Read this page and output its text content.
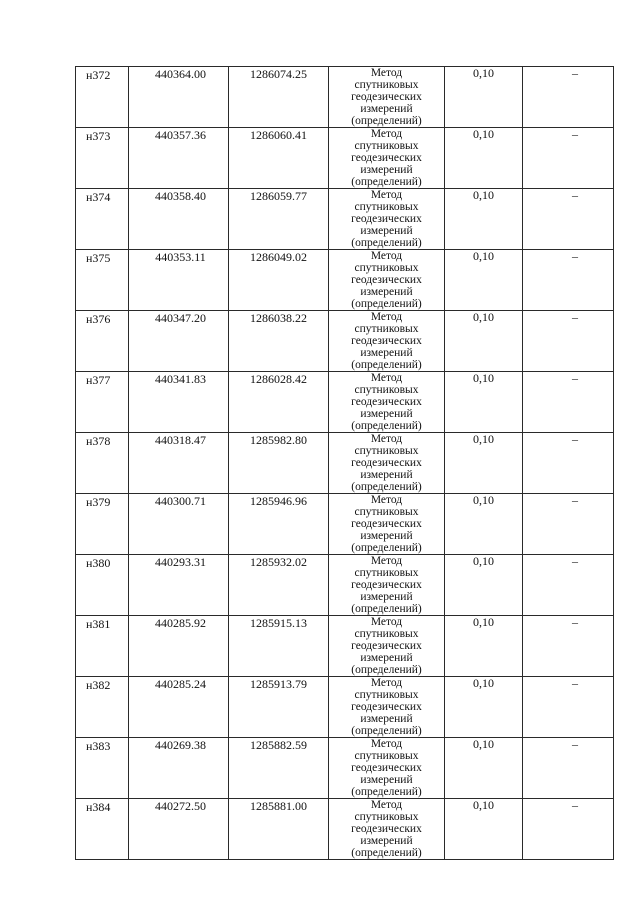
н372	440364.00	1286074.25	Метод
спутниковых
геодезических
измерений
(определений)	0,10	–

н373	440357.36	1286060.41	Метод
спутниковых
геодезических
измерений
(определений)	0,10	–

н374	440358.40	1286059.77	Метод
спутниковых
геодезических
измерений
(определений)	0,10	–

н375	440353.11	1286049.02	Метод
спутниковых
геодезических
измерений
(определений)	0,10	–

н376	440347.20	1286038.22	Метод
спутниковых
геодезических
измерений
(определений)	0,10	–

н377	440341.83	1286028.42	Метод
спутниковых
геодезических
измерений
(определений)	0,10	–

н378	440318.47	1285982.80	Метод
спутниковых
геодезических
измерений
(определений)	0,10	–

н379	440300.71	1285946.96	Метод
спутниковых
геодезических
измерений
(определений)	0,10	–

н380	440293.31	1285932.02	Метод
спутниковых
геодезических
измерений
(определений)	0,10	–

н381	440285.92	1285915.13	Метод
спутниковых
геодезических
измерений
(определений)	0,10	–

н382	440285.24	1285913.79	Метод
спутниковых
геодезических
измерений
(определений)	0,10	–

н383	440269.38	1285882.59	Метод
спутниковых
геодезических
измерений
(определений)	0,10	–

н384	440272.50	1285881.00	Метод
спутниковых
геодезических
измерений
(определений)	0,10	–
